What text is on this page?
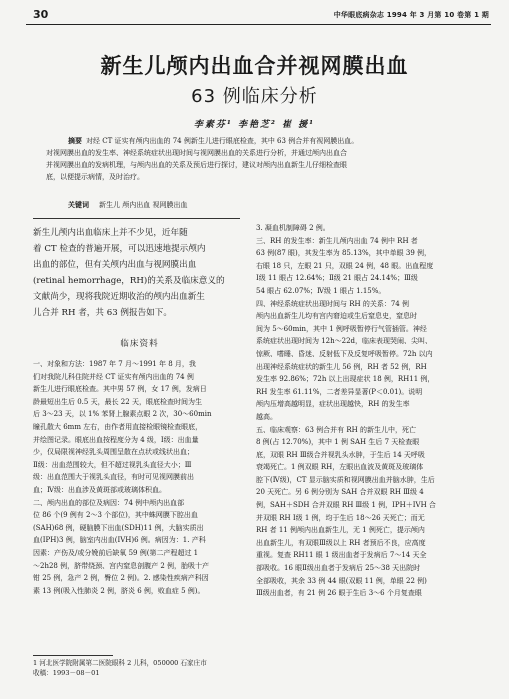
30	中华眼底病杂志 1994 年 3 月第 10 卷第 1 期
新生儿颅内出血合并视网膜出血
63 例临床分析
李素芬¹ 李艳芝² 崔 援¹
摘要 对经 CT 证实有颅内出血的 74 例新生儿进行眼底检查，其中 63 例合并有视网膜出血。
对视网膜出血的发生率、神经系统症状出现时间与视网膜出血的关系进行分析，并通过颅内出血合
并视网膜出血的发病机理，与颅内出血的关系及预后进行探讨，建议对颅内出血新生儿仔细检查眼
底，以便提示病情，及时治疗。
关键词 新生儿 颅内出血 视网膜出血
新生儿颅内出血临床上并不少见，近年随
着 CT 检查的普遍开展，可以迅速地提示颅内
出血的部位，但有关颅内出血与视网膜出血
(retinal hemorrhage，RH)的关系及临床意义的
文献尚少，现将我院近期收治的颅内出血新生
儿合并 RH 者，共 63 例报告如下。
临床资料
一、对象和方法：1987 年 7 月～1991 年 8 月，我
们对我院儿科住院并经 CT 证实有颅内出血的 74 例
新生儿进行眼底检查。其中男 57 例，女 17 例，发病日
龄最短出生后 0.5 天，最长 22 天，眼底检查时间为生
后 3～23 天，以 1% 苯肾上腺素点眼 2 次，30～60min
瞳孔散大 6mm 左右，由作者用直接检眼镜检查眼底，
并绘图记录。眼底出血按程度分为 4 级，Ⅰ级：出血量
少，仅局限视神经乳头周围呈散在点状或线状出血；
Ⅱ级：出血范围较大，但不超过视乳头直径大小；Ⅲ
级：出血范围大于视乳头直径，有时可见视网膜前出
血；Ⅳ级：出血涉及黄斑部或玻璃体积血。
二、颅内出血的部位及病因：74 例中颅内出血部
位 86 个(9 例有 2～3 个部位)，其中蛛网膜下腔出血
(SAH)68 例，硬脑膜下出血(SDH)11 例，大脑实质出
血(IPH)3 例，脑室内出血(IVH)6 例。病因为：1. 产科
因素：产伤及/或分娩前后缺氧 59 例(第二产程超过 1
～2h28 例，脐带绕颈、宫内窒息剖腹产 2 例，胎吸十产
钳 25 例，急产 2 例，臀位 2 例)。2. 感染性疾病产科因
素 13 例(吸入性肺炎 2 例，脐炎 6 例，败血症 5 例)。
1 河北医学院附属第二医院眼科 2 儿科，050000 石家庄市
收稿：1993－08－01
3. 凝血机制障碍 2 例。
三、RH 的发生率：新生儿颅内出血 74 例中 RH 者
63 例(87 眼)，其发生率为 85.13%，其中单眼 39 例，
右眼 18 只，左眼 21 只，双眼 24 例，48 眼。出血程度
Ⅰ级 11 眼占 12.64%；Ⅱ级 21 眼占 24.14%；Ⅲ级
54 眼占 62.07%；Ⅳ级 1 眼占 1.15%。
四、神经系统症状出现时间与 RH 的关系：74 例
颅内出血新生儿均有宫内窘迫或生后窒息史，窒息时
间为 5～60min，其中 1 例呼吸暂停行气管插管。神经
系统症状出现时间为 12h～22d，临床表现哭闹、尖叫、
惊厥、嗜睡、昏迷、反射低下及反复呼吸暂停。72h 以内
出现神经系统症状的新生儿 56 例，RH 者 52 例，RH
发生率 92.86%；72h 以上出现症状 18 例，RH11 例，
RH 发生率 61.11%，二者差异显著(P＜0.01)。说明
颅内压增高越明显，症状出现越快，RH 的发生率
越高。
五、临床观察：63 例合并有 RH 的新生儿中，死亡
8 例(占 12.70%)，其中 1 例 SAH 生后 7 天检查眼
底，双眼 RH Ⅲ级合并视乳头水肿，于生后 14 天呼吸
衰竭死亡。1 例双眼 RH，左眼出血波及黄斑及玻璃体
腔下(Ⅳ级)，CT 显示脑实质和视网膜出血并脑水肿，生后
20 天死亡。另 6 例分别为 SAH 合并双眼 RH Ⅲ级 4
例，SAH＋SDH 合并双眼 RH Ⅲ级 1 例，IPH＋IVH 合
并双眼 RH Ⅰ级 1 例，均于生后 18～26 天死亡；而无
RH 者 11 例颅内出血新生儿，无 1 例死亡，提示颅内
出血新生儿，有双眼Ⅲ级以上 RH 者预后不良，应高度
重视。复查 RH11 眼 1 级出血者于发病后 7～14 天全
部吸收。16 眼Ⅱ级出血者于发病后 25～38 天出院时
全部吸收，其余 33 例 44 眼(双眼 11 例，单眼 22 例)
Ⅲ级出血者，有 21 例 26 眼于生后 3～6 个月复查眼
